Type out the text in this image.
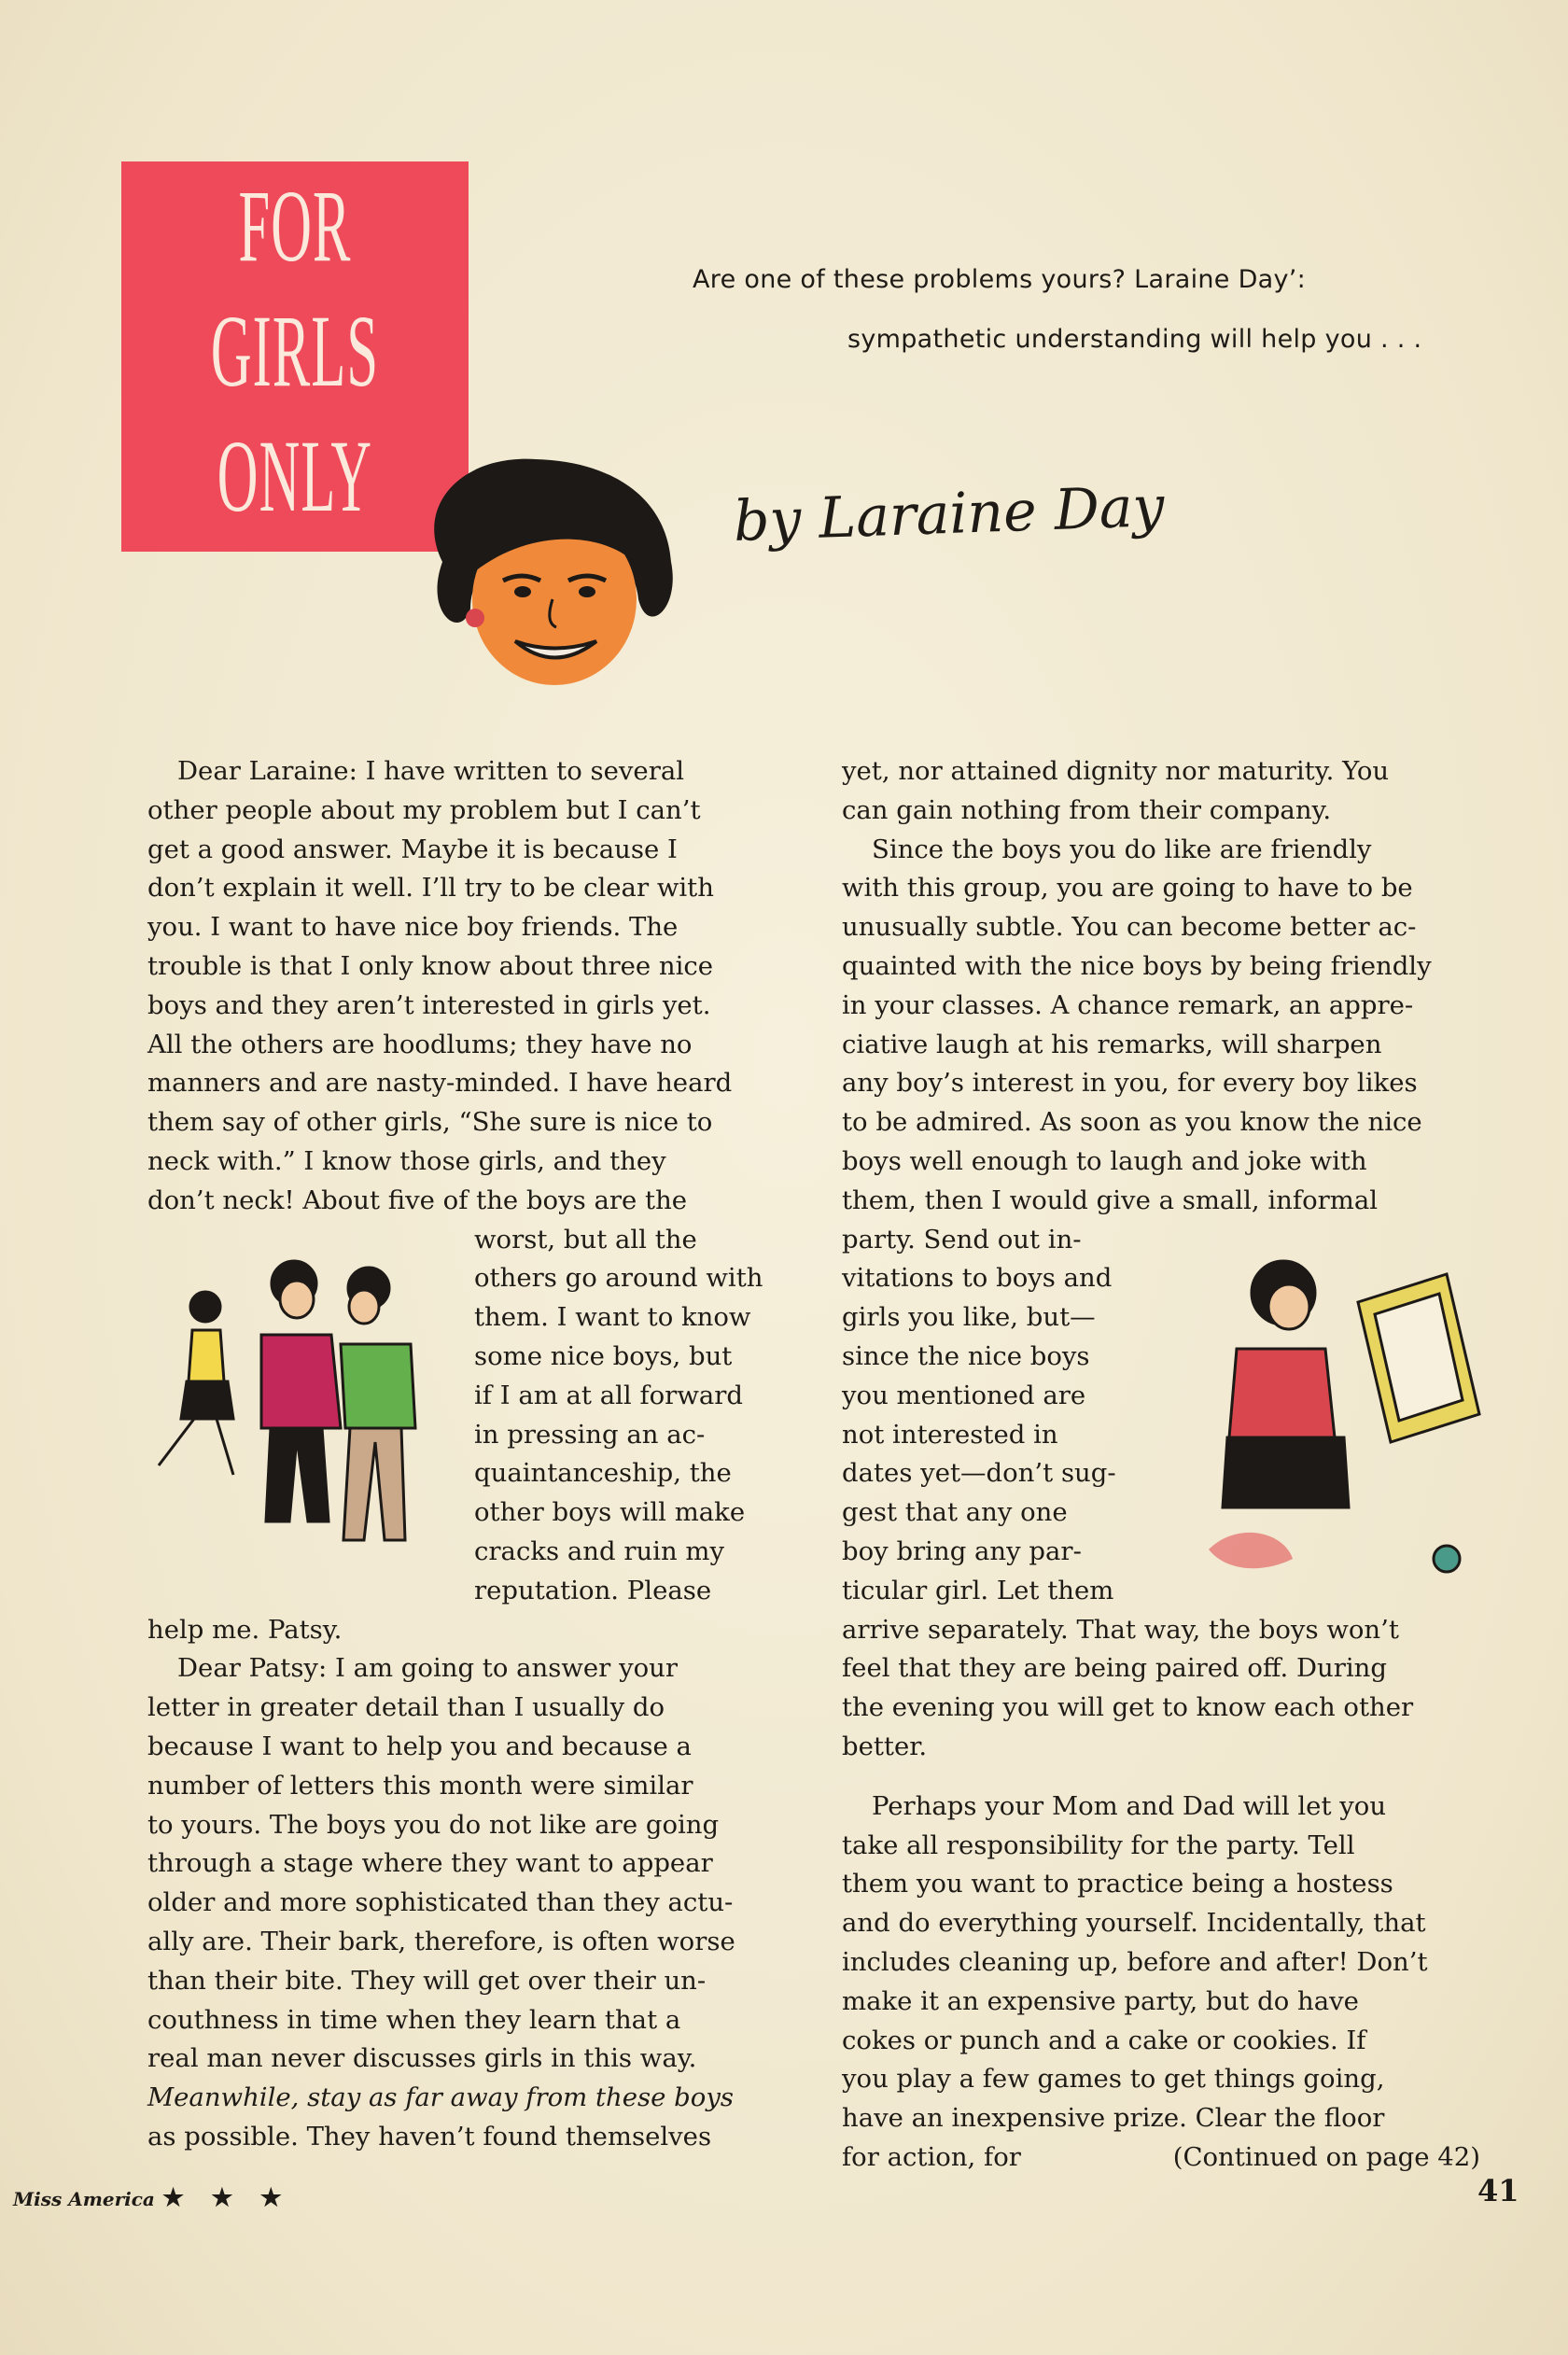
FOR
GIRLS
ONLY
Are one of these problems yours? Laraine Day’:
sympathetic understanding will help you . . .
by Laraine Day
Dear Laraine: I have written to several
other people about my problem but I can’t
get a good answer. Maybe it is because I
don’t explain it well. I’ll try to be clear with
you. I want to have nice boy friends. The
trouble is that I only know about three nice
boys and they aren’t interested in girls yet.
All the others are hoodlums; they have no
manners and are nasty-minded. I have heard
them say of other girls, “She sure is nice to
neck with.” I know those girls, and they
don’t neck! About five of the boys are the
worst, but all the
others go around with
them. I want to know
some nice boys, but
if I am at all forward
in pressing an ac-
quaintanceship, the
other boys will make
cracks and ruin my
reputation. Please
help me. Patsy.
Dear Patsy: I am going to answer your
letter in greater detail than I usually do
because I want to help you and because a
number of letters this month were similar
to yours. The boys you do not like are going
through a stage where they want to appear
older and more sophisticated than they actu-
ally are. Their bark, therefore, is often worse
than their bite. They will get over their un-
couthness in time when they learn that a
real man never discusses girls in this way.
Meanwhile, stay as far away from these boys
as possible. They haven’t found themselves
yet, nor attained dignity nor maturity. You
can gain nothing from their company.
Since the boys you do like are friendly
with this group, you are going to have to be
unusually subtle. You can become better ac-
quainted with the nice boys by being friendly
in your classes. A chance remark, an appre-
ciative laugh at his remarks, will sharpen
any boy’s interest in you, for every boy likes
to be admired. As soon as you know the nice
boys well enough to laugh and joke with
them, then I would give a small, informal
party. Send out in-
vitations to boys and
girls you like, but—
since the nice boys
you mentioned are
not interested in
dates yet—don’t sug-
gest that any one
boy bring any par-
ticular girl. Let them
arrive separately. That way, the boys won’t
feel that they are being paired off. During
the evening you will get to know each other
better.
Perhaps your Mom and Dad will let you
take all responsibility for the party. Tell
them you want to practice being a hostess
and do everything yourself. Incidentally, that
includes cleaning up, before and after! Don’t
make it an expensive party, but do have
cokes or punch and a cake or cookies. If
you play a few games to get things going,
have an inexpensive prize. Clear the floor
for action, for	(Continued on page 42)
Miss America ★ ★ ★	41
